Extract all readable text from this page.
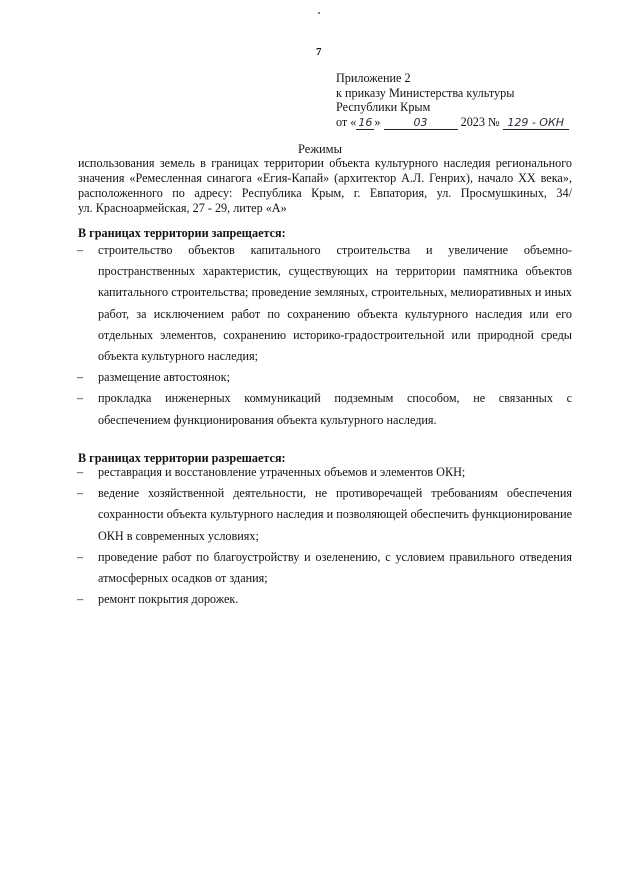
7
Приложение 2
к приказу Министерства культуры
Республики Крым
от « 16 »	03	2023 № 129 - ОКН
Режимы
использования земель в границах территории объекта культурного наследия регионального
значения «Ремесленная синагога «Егия-Капай» (архитектор А.Л. Генрих), начало XX века»,
расположенного по адресу: Республика Крым, г. Евпатория, ул. Просмушкиных, 34/
ул. Красноармейская, 27 - 29, литер «А»
В границах территории запрещается:
– строительство объектов капитального строительства и увеличение объемно-пространственных характеристик, существующих на территории памятника объектов капитального строительства; проведение земляных, строительных, мелиоративных и иных работ, за исключением работ по сохранению объекта культурного наследия или его отдельных элементов, сохранению историко-градостроительной или природной среды объекта культурного наследия;
– размещение автостоянок;
– прокладка инженерных коммуникаций подземным способом, не связанных с обеспечением функционирования объекта культурного наследия.
В границах территории разрешается:
– реставрация и восстановление утраченных объемов и элементов ОКН;
– ведение хозяйственной деятельности, не противоречащей требованиям обеспечения сохранности объекта культурного наследия и позволяющей обеспечить функционирование ОКН в современных условиях;
– проведение работ по благоустройству и озеленению, с условием правильного отведения атмосферных осадков от здания;
– ремонт покрытия дорожек.
